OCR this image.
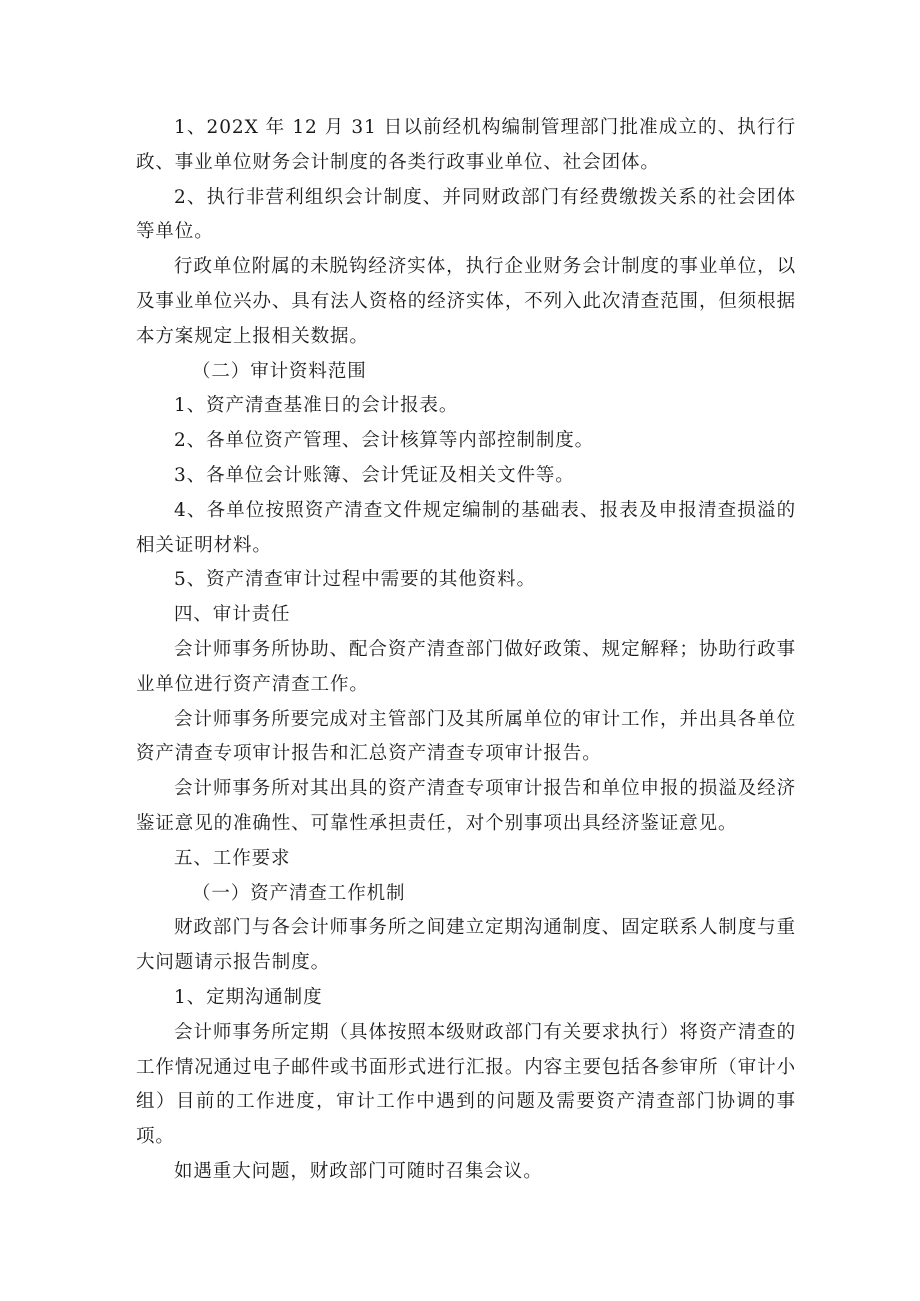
1、202X 年 12 月 31 日以前经机构编制管理部门批准成立的、执行行政、事业单位财务会计制度的各类行政事业单位、社会团体。

2、执行非营利组织会计制度、并同财政部门有经费缴拨关系的社会团体等单位。

行政单位附属的未脱钩经济实体，执行企业财务会计制度的事业单位，以及事业单位兴办、具有法人资格的经济实体，不列入此次清查范围，但须根据本方案规定上报相关数据。

（二）审计资料范围

1、资产清查基准日的会计报表。

2、各单位资产管理、会计核算等内部控制制度。

3、各单位会计账簿、会计凭证及相关文件等。

4、各单位按照资产清查文件规定编制的基础表、报表及申报清查损溢的相关证明材料。

5、资产清查审计过程中需要的其他资料。

四、审计责任

会计师事务所协助、配合资产清查部门做好政策、规定解释；协助行政事业单位进行资产清查工作。

会计师事务所要完成对主管部门及其所属单位的审计工作，并出具各单位资产清查专项审计报告和汇总资产清查专项审计报告。

会计师事务所对其出具的资产清查专项审计报告和单位申报的损溢及经济鉴证意见的准确性、可靠性承担责任，对个别事项出具经济鉴证意见。

五、工作要求

（一）资产清查工作机制

财政部门与各会计师事务所之间建立定期沟通制度、固定联系人制度与重大问题请示报告制度。

1、定期沟通制度

会计师事务所定期（具体按照本级财政部门有关要求执行）将资产清查的工作情况通过电子邮件或书面形式进行汇报。内容主要包括各参审所（审计小组）目前的工作进度，审计工作中遇到的问题及需要资产清查部门协调的事项。

如遇重大问题，财政部门可随时召集会议。
